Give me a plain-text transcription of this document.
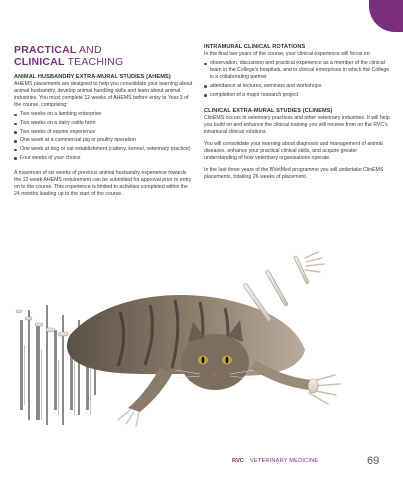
PRACTICAL AND
CLINICAL TEACHING
ANIMAL HUSBANDRY EXTRA-MURAL STUDIES (AHEMS)

AHEMS placements are designed to help you consolidate your learning about animal husbandry, develop animal handling skills and learn about animal industries. You must complete 12 weeks of AHEMS before entry to Year 3 of the course, comprising:

Two weeks on a lambing enterprise
Two weeks on a dairy cattle farm
Two weeks of equine experience
One week at a commercial pig or poultry operation
One week at dog or cat establishment (cattery, kennel, veterinary practice)
Four weeks of your choice

A maximum of six weeks of previous animal husbandry experience towards the 12-week AHEMS requirement can be submitted for approval prior to entry on to the course. This experience is limited to activities completed within the 24 months leading up to the start of the course.

INTRAMURAL CLINICAL ROTATIONS

In the final two years of the course, your clinical experience will focus on:

observation, discussion and practical experience as a member of the clinical team in the College's hospitals, and in clinical enterprises in which the College is a collaborating partner
attendance at lectures, seminars and workshops
completion of a major research project
CLINICAL EXTRA-MURAL STUDIES (CLINEMS)

ClinEMS occurs in veterinary practices and other veterinary industries. It will help you build on and enhance the clinical training you will receive from on the RVC's intramural clinical rotations.

You will consolidate your learning about diagnosis and management of animal diseases, enhance your practical clinical skills, and acquire greater understanding of how veterinary organisations operate.

In the last three years of the BVetMed programme you will undertake ClinEMS placements, totalling 26 weeks of placement.

RVC VETERINARY MEDICINE	69
